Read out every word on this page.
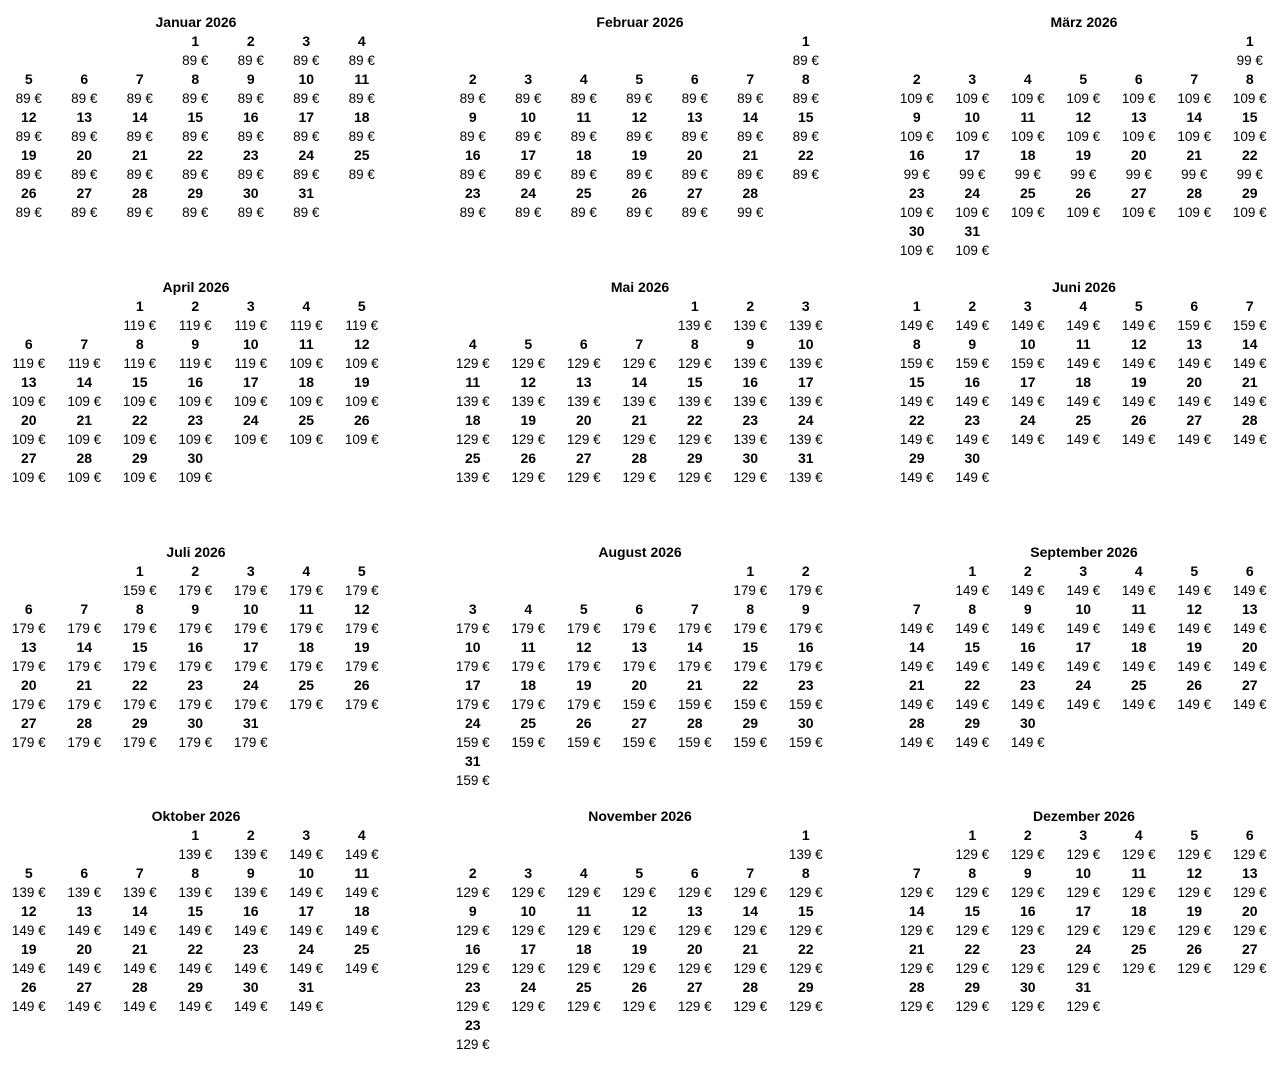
Januar 2026
1
89 €
2
89 €
3
89 €
4
89 €
5
89 €
6
89 €
7
89 €
8
89 €
9
89 €
10
89 €
11
89 €
12
89 €
13
89 €
14
89 €
15
89 €
16
89 €
17
89 €
18
89 €
19
89 €
20
89 €
21
89 €
22
89 €
23
89 €
24
89 €
25
89 €
26
89 €
27
89 €
28
89 €
29
89 €
30
89 €
31
89 €
Februar 2026
1
89 €
2
89 €
3
89 €
4
89 €
5
89 €
6
89 €
7
89 €
8
89 €
9
89 €
10
89 €
11
89 €
12
89 €
13
89 €
14
89 €
15
89 €
16
89 €
17
89 €
18
89 €
19
89 €
20
89 €
21
89 €
22
89 €
23
89 €
24
89 €
25
89 €
26
89 €
27
89 €
28
99 €
März 2026
1
99 €
2
109 €
3
109 €
4
109 €
5
109 €
6
109 €
7
109 €
8
109 €
9
109 €
10
109 €
11
109 €
12
109 €
13
109 €
14
109 €
15
109 €
16
99 €
17
99 €
18
99 €
19
99 €
20
99 €
21
99 €
22
99 €
23
109 €
24
109 €
25
109 €
26
109 €
27
109 €
28
109 €
29
109 €
30
109 €
31
109 €
April 2026
1
119 €
2
119 €
3
119 €
4
119 €
5
119 €
6
119 €
7
119 €
8
119 €
9
119 €
10
119 €
11
109 €
12
109 €
13
109 €
14
109 €
15
109 €
16
109 €
17
109 €
18
109 €
19
109 €
20
109 €
21
109 €
22
109 €
23
109 €
24
109 €
25
109 €
26
109 €
27
109 €
28
109 €
29
109 €
30
109 €
Mai 2026
1
139 €
2
139 €
3
139 €
4
129 €
5
129 €
6
129 €
7
129 €
8
129 €
9
139 €
10
139 €
11
139 €
12
139 €
13
139 €
14
139 €
15
139 €
16
139 €
17
139 €
18
129 €
19
129 €
20
129 €
21
129 €
22
129 €
23
139 €
24
139 €
25
139 €
26
129 €
27
129 €
28
129 €
29
129 €
30
129 €
31
139 €
Juni 2026
1
149 €
2
149 €
3
149 €
4
149 €
5
149 €
6
159 €
7
159 €
8
159 €
9
159 €
10
159 €
11
149 €
12
149 €
13
149 €
14
149 €
15
149 €
16
149 €
17
149 €
18
149 €
19
149 €
20
149 €
21
149 €
22
149 €
23
149 €
24
149 €
25
149 €
26
149 €
27
149 €
28
149 €
29
149 €
30
149 €
Juli 2026
1
159 €
2
179 €
3
179 €
4
179 €
5
179 €
6
179 €
7
179 €
8
179 €
9
179 €
10
179 €
11
179 €
12
179 €
13
179 €
14
179 €
15
179 €
16
179 €
17
179 €
18
179 €
19
179 €
20
179 €
21
179 €
22
179 €
23
179 €
24
179 €
25
179 €
26
179 €
27
179 €
28
179 €
29
179 €
30
179 €
31
179 €
August 2026
1
179 €
2
179 €
3
179 €
4
179 €
5
179 €
6
179 €
7
179 €
8
179 €
9
179 €
10
179 €
11
179 €
12
179 €
13
179 €
14
179 €
15
179 €
16
179 €
17
179 €
18
179 €
19
179 €
20
159 €
21
159 €
22
159 €
23
159 €
24
159 €
25
159 €
26
159 €
27
159 €
28
159 €
29
159 €
30
159 €
31
159 €
September 2026
1
149 €
2
149 €
3
149 €
4
149 €
5
149 €
6
149 €
7
149 €
8
149 €
9
149 €
10
149 €
11
149 €
12
149 €
13
149 €
14
149 €
15
149 €
16
149 €
17
149 €
18
149 €
19
149 €
20
149 €
21
149 €
22
149 €
23
149 €
24
149 €
25
149 €
26
149 €
27
149 €
28
149 €
29
149 €
30
149 €
Oktober 2026
1
139 €
2
139 €
3
149 €
4
149 €
5
139 €
6
139 €
7
139 €
8
139 €
9
139 €
10
149 €
11
149 €
12
149 €
13
149 €
14
149 €
15
149 €
16
149 €
17
149 €
18
149 €
19
149 €
20
149 €
21
149 €
22
149 €
23
149 €
24
149 €
25
149 €
26
149 €
27
149 €
28
149 €
29
149 €
30
149 €
31
149 €
November 2026
1
139 €
2
129 €
3
129 €
4
129 €
5
129 €
6
129 €
7
129 €
8
129 €
9
129 €
10
129 €
11
129 €
12
129 €
13
129 €
14
129 €
15
129 €
16
129 €
17
129 €
18
129 €
19
129 €
20
129 €
21
129 €
22
129 €
23
129 €
24
129 €
25
129 €
26
129 €
27
129 €
28
129 €
29
129 €
23
129 €
Dezember 2026
1
129 €
2
129 €
3
129 €
4
129 €
5
129 €
6
129 €
7
129 €
8
129 €
9
129 €
10
129 €
11
129 €
12
129 €
13
129 €
14
129 €
15
129 €
16
129 €
17
129 €
18
129 €
19
129 €
20
129 €
21
129 €
22
129 €
23
129 €
24
129 €
25
129 €
26
129 €
27
129 €
28
129 €
29
129 €
30
129 €
31
129 €
